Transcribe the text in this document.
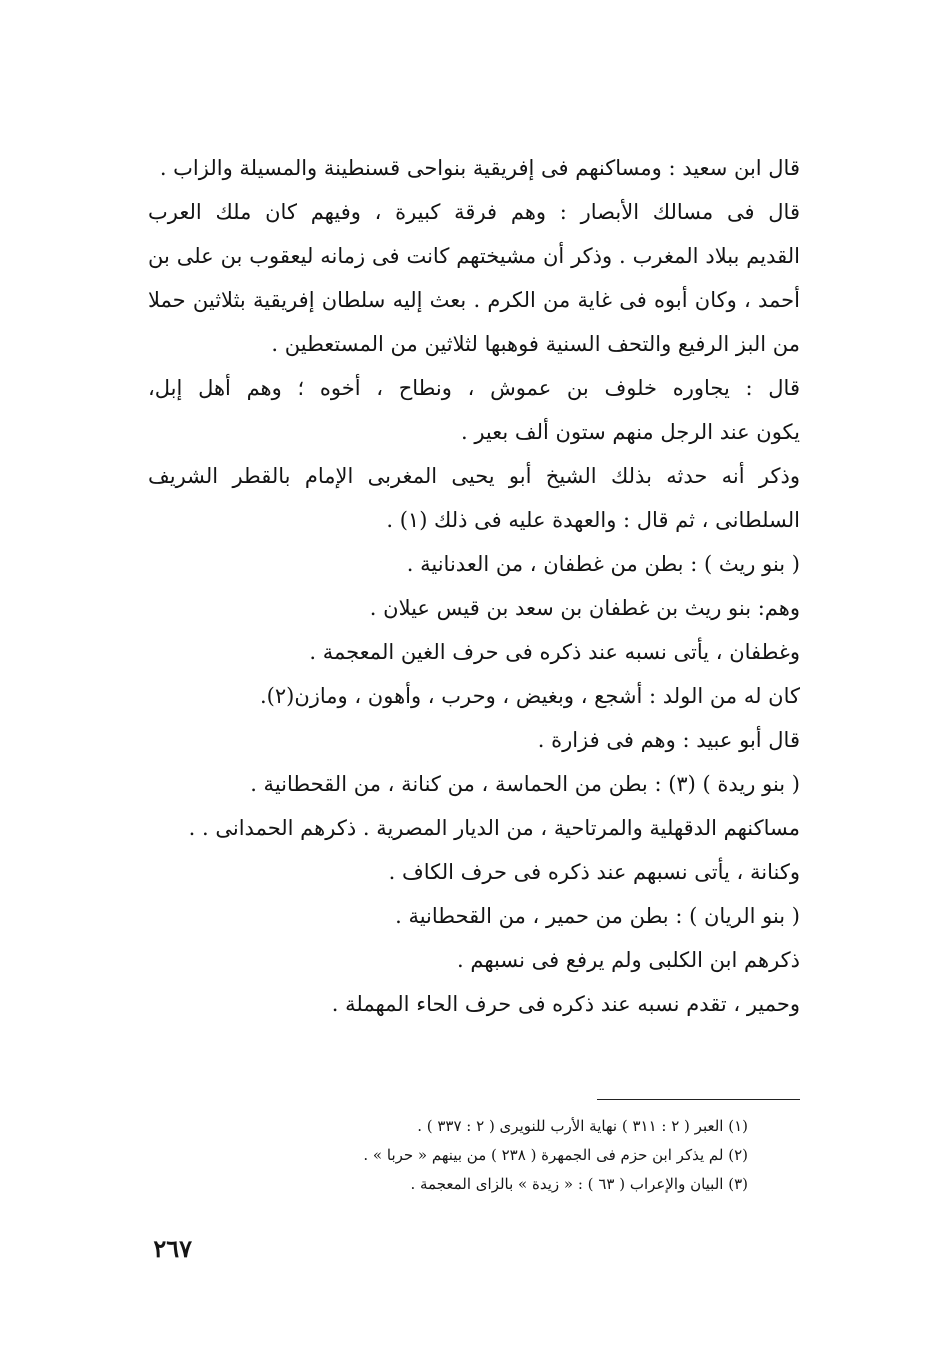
قال ابن سعيد : ومساكنهم فى إفريقية بنواحى قسنطينة والمسيلة والزاب .
قال فى مسالك الأبصار : وهم فرقة كبيرة ، وفيهم كان ملك العرب
القديم ببلاد المغرب . وذكر أن مشيختهم كانت فى زمانه ليعقوب بن على بن
أحمد ، وكان أبوه فى غاية من الكرم . بعث إليه سلطان إفريقية بثلاثين حملا
من البز الرفيع والتحف السنية فوهبها لثلاثين من المستعطين .
قال : يجاوره خلوف بن عموش ، ونطاح ، أخوه ؛ وهم أهل إبل،
يكون عند الرجل منهم ستون ألف بعير .
وذكر أنه حدثه بذلك الشيخ أبو يحيى المغربى الإمام بالقطر الشريف
السلطانى ، ثم قال : والعهدة عليه فى ذلك (١) .
( بنو ريث ) : بطن من غطفان ، من العدنانية .
وهم: بنو ريث بن غطفان بن سعد بن قيس عيلان .
وغطفان ، يأتى نسبه عند ذكره فى حرف الغين المعجمة .
كان له من الولد : أشجع ، وبغيض ، وحرب ، وأهون ، ومازن(٢).
قال أبو عبيد : وهم فى فزارة .
( بنو ريدة ) (٣) : بطن من الحماسة ، من كنانة ، من القحطانية .
مساكنهم الدقهلية والمرتاحية ، من الديار المصرية . ذكرهم الحمدانى . .
وكنانة ، يأتى نسبهم عند ذكره فى حرف الكاف .
( بنو الريان ) : بطن من حمير ، من القحطانية .
ذكرهم ابن الكلبى ولم يرفع فى نسبهم .
وحمير ، تقدم نسبه عند ذكره فى حرف الحاء المهملة .
(١) العبر ( ٢ : ٣١١ ) نهاية الأرب للنويرى ( ٢ : ٣٣٧ ) .
(٢) لم يذكر ابن حزم فى الجمهرة ( ٢٣٨ ) من بينهم « حربا » .
(٣) البيان والإعراب ( ٦٣ ) : « زيدة » بالزاى المعجمة .
٢٦٧
